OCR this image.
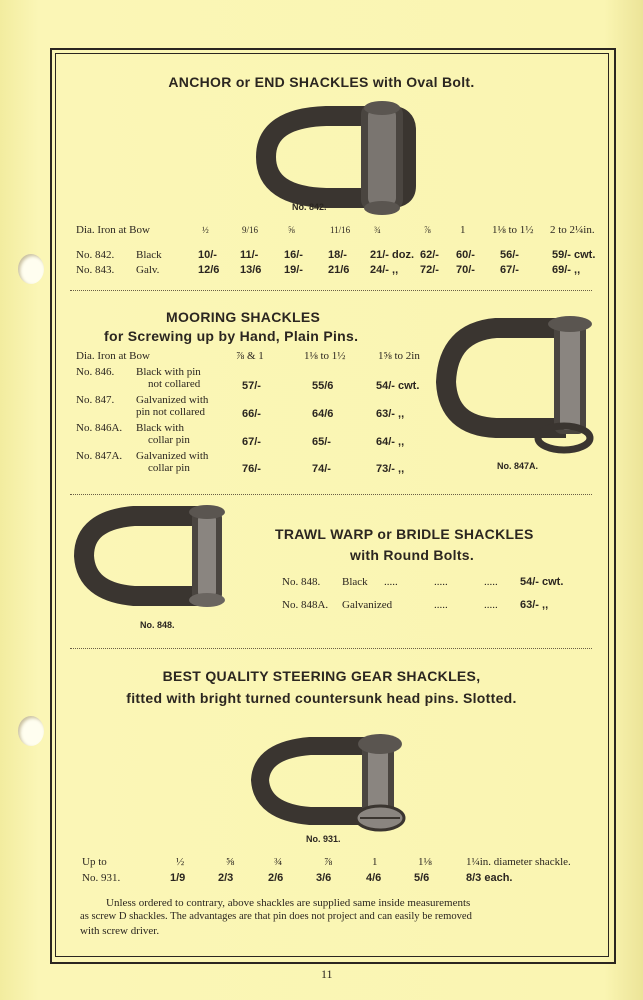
ANCHOR or END SHACKLES with Oval Bolt.
No. 842.
Dia. Iron at Bow	½	9/16	⅝	11/16	¾	⅞	1 1⅛ to 1½ 2 to 2¼in.
No. 842. Black	10/- 11/- 16/- 18/- 21/- doz. 62/- 60/- 56/-	59/- cwt.
No. 843. Galv.	12/6 13/6 19/- 21/6 24/- ,, 72/- 70/- 67/-	69/- ,,
MOORING SHACKLES
for Screwing up by Hand, Plain Pins.
Dia. Iron at Bow	⅞ & 1	1⅛ to 1½	1⅝ to 2in
No. 846. Black with pin
not collared	57/-	55/6	54/- cwt.
No. 847. Galvanized with
pin not collared	66/-	64/6	63/- ,,
No. 846A. Black with
collar pin	67/-	65/-	64/- ,,
No. 847A. Galvanized with
collar pin	76/-	74/-	73/- ,,	No. 847A.
No. 848.
TRAWL WARP or BRIDLE SHACKLES
with Round Bolts.
No. 848. Black .....	.....	..... 54/- cwt.
No. 848A. Galvanized	.....	..... 63/- ,,
BEST QUALITY STEERING GEAR SHACKLES,
fitted with bright turned countersunk head pins. Slotted.
No. 931.
Up to	½	⅝	¾	⅞	1	1⅛	1¼in. diameter shackle.
No. 931.	1/9	2/3	2/6	3/6	4/6	5/6	8/3 each.
Unless ordered to contrary, above shackles are supplied same inside measurements
as screw D shackles. The advantages are that pin does not project and can easily be removed
with screw driver.
11
